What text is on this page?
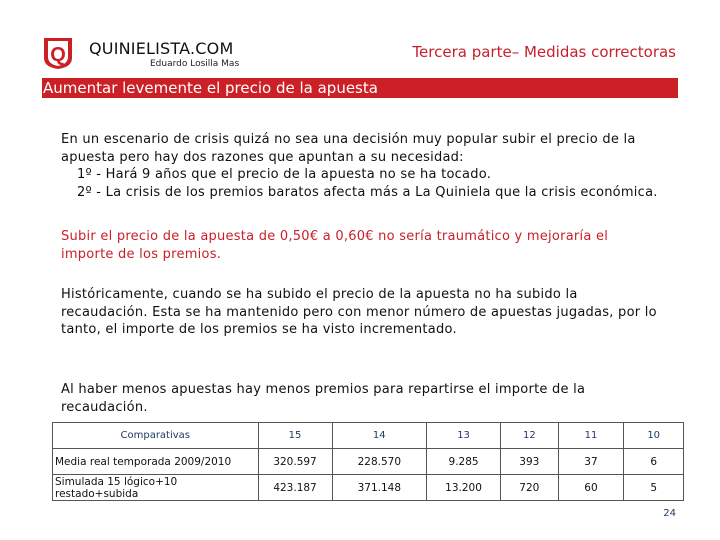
Q QUINIELISTA.COM
Eduardo Losilla Mas
Tercera parte– Medidas correctoras
Aumentar levemente el precio de la apuesta
En un escenario de crisis quizá no sea una decisión muy popular subir el precio de la apuesta pero hay dos razones que apuntan a su necesidad:
1º - Hará 9 años que el precio de la apuesta no se ha tocado.
2º - La crisis de los premios baratos afecta más a La Quiniela que la crisis económica.
Subir el precio de la apuesta de 0,50€ a 0,60€ no sería traumático y mejoraría el importe de los premios.
Históricamente, cuando se ha subido el precio de la apuesta no ha subido la recaudación. Esta se ha mantenido pero con menor número de apuestas jugadas, por lo tanto, el importe de los premios se ha visto incrementado.
Al haber menos apuestas hay menos premios para repartirse el importe de la recaudación.
Comparativas	15	14	13	12	11	10
Media real temporada 2009/2010	320.597	228.570	9.285	393	37	6
Simulada 15 lógico+10 restado+subida	423.187	371.148	13.200	720	60	5
24
